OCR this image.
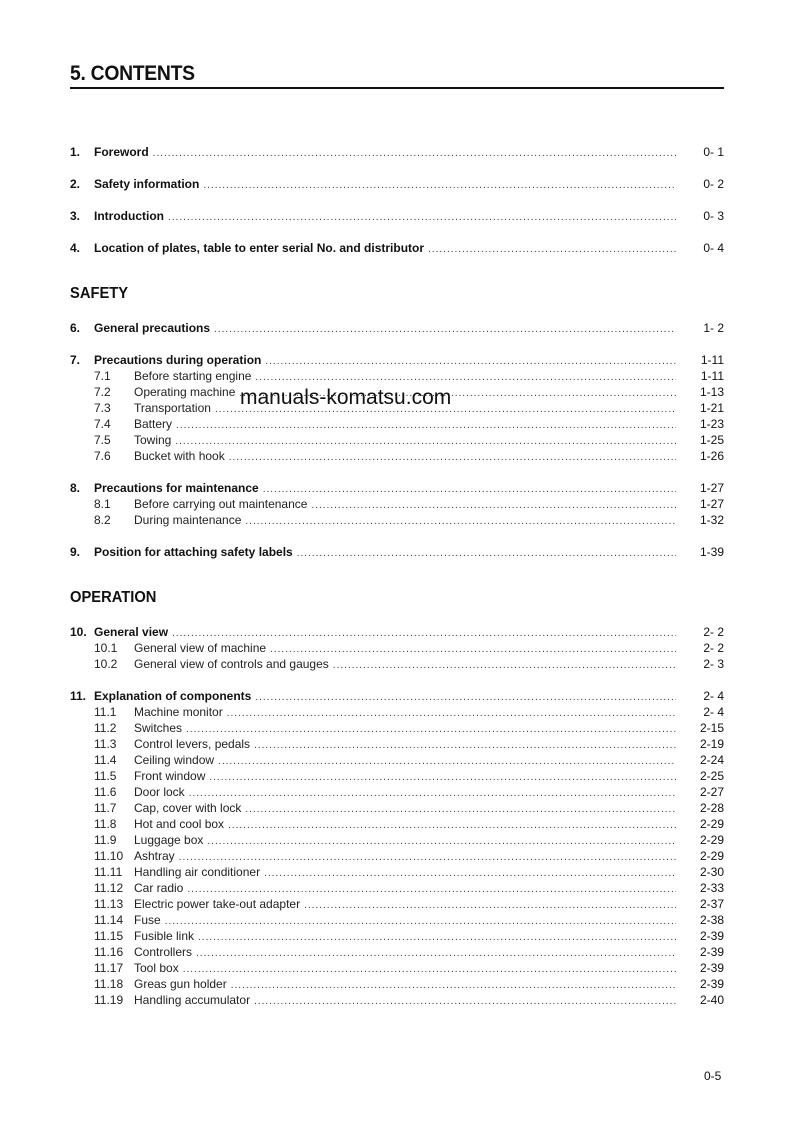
5. CONTENTS
1.	Foreword .....	0- 1
2.	Safety information .....	0- 2
3.	Introduction .....	0- 3
4.	Location of plates, table to enter serial No. and distributor .....	0- 4
SAFETY
6.	General precautions .....	1- 2
7.	Precautions during operation .....	1-11
7.1	Before starting engine .....	1-11
7.2	Operating machine .....	1-13
7.3	Transportation .....	1-21
7.4	Battery .....	1-23
7.5	Towing .....	1-25
7.6	Bucket with hook .....	1-26
8.	Precautions for maintenance .....	1-27
8.1	Before carrying out maintenance .....	1-27
8.2	During maintenance .....	1-32
9.	Position for attaching safety labels .....	1-39
OPERATION
10. General view .....	2- 2
10.1	General view of machine .....	2- 2
10.2	General view of controls and gauges .....	2- 3
11. Explanation of components .....	2- 4
11.1	Machine monitor .....	2- 4
11.2	Switches .....	2-15
11.3	Control levers, pedals .....	2-19
11.4	Ceiling window .....	2-24
11.5	Front window .....	2-25
11.6	Door lock .....	2-27
11.7	Cap, cover with lock .....	2-28
11.8	Hot and cool box .....	2-29
11.9	Luggage box .....	2-29
11.10 Ashtray .....	2-29
11.11 Handling air conditioner .....	2-30
11.12 Car radio .....	2-33
11.13 Electric power take-out adapter .....	2-37
11.14 Fuse .....	2-38
11.15 Fusible link .....	2-39
11.16 Controllers .....	2-39
11.17 Tool box .....	2-39
11.18 Greas gun holder .....	2-39
11.19 Handling accumulator .....	2-40
manuals-komatsu.com
0-5
